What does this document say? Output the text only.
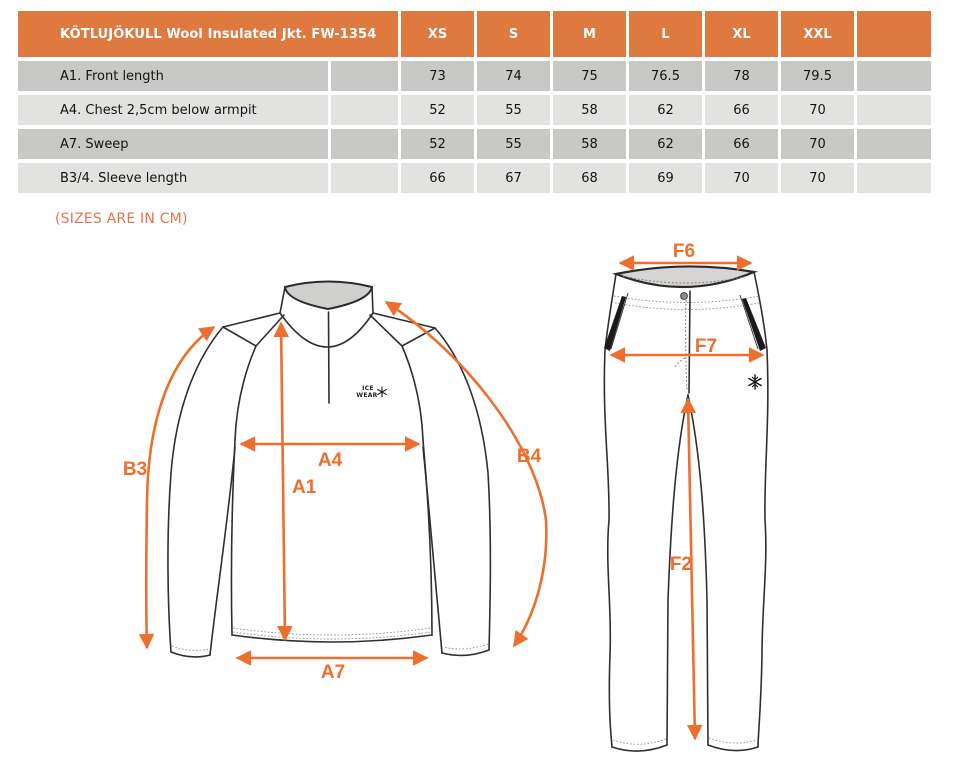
KÖTLUJÖKULL Wool Insulated Jkt. FW-1354	XS	S	M	L	XL	XXL
A1. Front length	73	74	75	76.5	78	79.5
A4. Chest 2,5cm below armpit	52	55	58	62	66	70
A7. Sweep	52	55	58	62	66	70
B3/4. Sleeve length	66	67	68	69	70	70
(SIZES ARE IN CM)
ICE
WEAR
B3
B4
A4
A1
A7
F6
F7
F2
